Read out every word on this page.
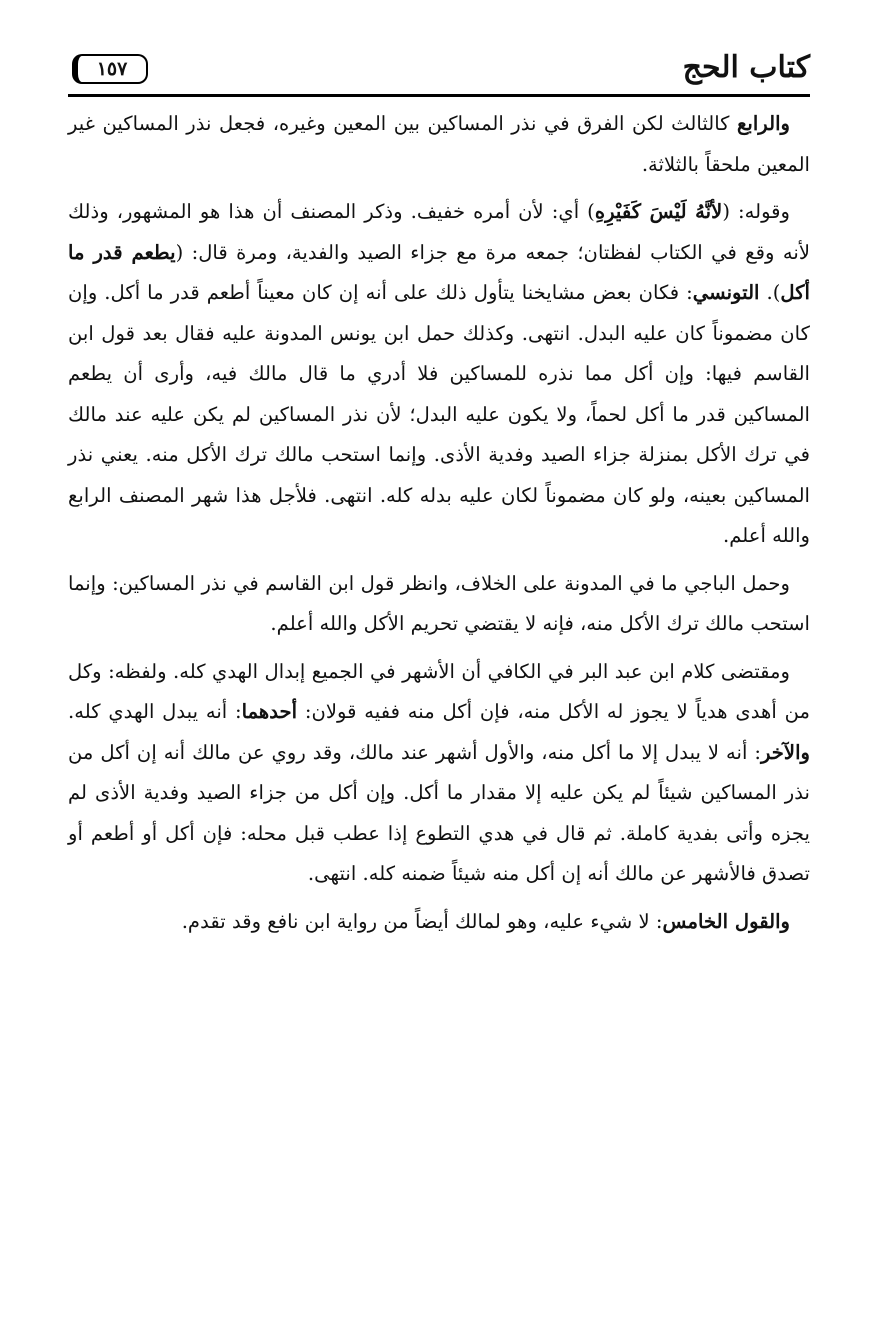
كتاب الحج
١٥٧

والرابع كالثالث لكن الفرق في نذر المساكين بين المعين وغيره، فجعل نذر المساكين غير المعين ملحقاً بالثلاثة.

وقوله: (لأنَّهُ لَيْسَ كَفَيْرِهِ) أي: لأن أمره خفيف. وذكر المصنف أن هذا هو المشهور، وذلك لأنه وقع في الكتاب لفظتان؛ جمعه مرة مع جزاء الصيد والفدية، ومرة قال: (يطعم قدر ما أكل). التونسي: فكان بعض مشايخنا يتأول ذلك على أنه إن كان معيناً أطعم قدر ما أكل. وإن كان مضموناً كان عليه البدل. انتهى. وكذلك حمل ابن يونس المدونة عليه فقال بعد قول ابن القاسم فيها: وإن أكل مما نذره للمساكين فلا أدري ما قال مالك فيه، وأرى أن يطعم المساكين قدر ما أكل لحماً، ولا يكون عليه البدل؛ لأن نذر المساكين لم يكن عليه عند مالك في ترك الأكل بمنزلة جزاء الصيد وفدية الأذى. وإنما استحب مالك ترك الأكل منه. يعني نذر المساكين بعينه، ولو كان مضموناً لكان عليه بدله كله. انتهى. فلأجل هذا شهر المصنف الرابع والله أعلم.

وحمل الباجي ما في المدونة على الخلاف، وانظر قول ابن القاسم في نذر المساكين: وإنما استحب مالك ترك الأكل منه، فإنه لا يقتضي تحريم الأكل والله أعلم.

ومقتضى كلام ابن عبد البر في الكافي أن الأشهر في الجميع إبدال الهدي كله. ولفظه: وكل من أهدى هدياً لا يجوز له الأكل منه، فإن أكل منه ففيه قولان: أحدهما: أنه يبدل الهدي كله. والآخر: أنه لا يبدل إلا ما أكل منه، والأول أشهر عند مالك، وقد روي عن مالك أنه إن أكل من نذر المساكين شيئاً لم يكن عليه إلا مقدار ما أكل. وإن أكل من جزاء الصيد وفدية الأذى لم يجزه وأتى بفدية كاملة. ثم قال في هدي التطوع إذا عطب قبل محله: فإن أكل أو أطعم أو تصدق فالأشهر عن مالك أنه إن أكل منه شيئاً ضمنه كله. انتهى.

والقول الخامس: لا شيء عليه، وهو لمالك أيضاً من رواية ابن نافع وقد تقدم.
